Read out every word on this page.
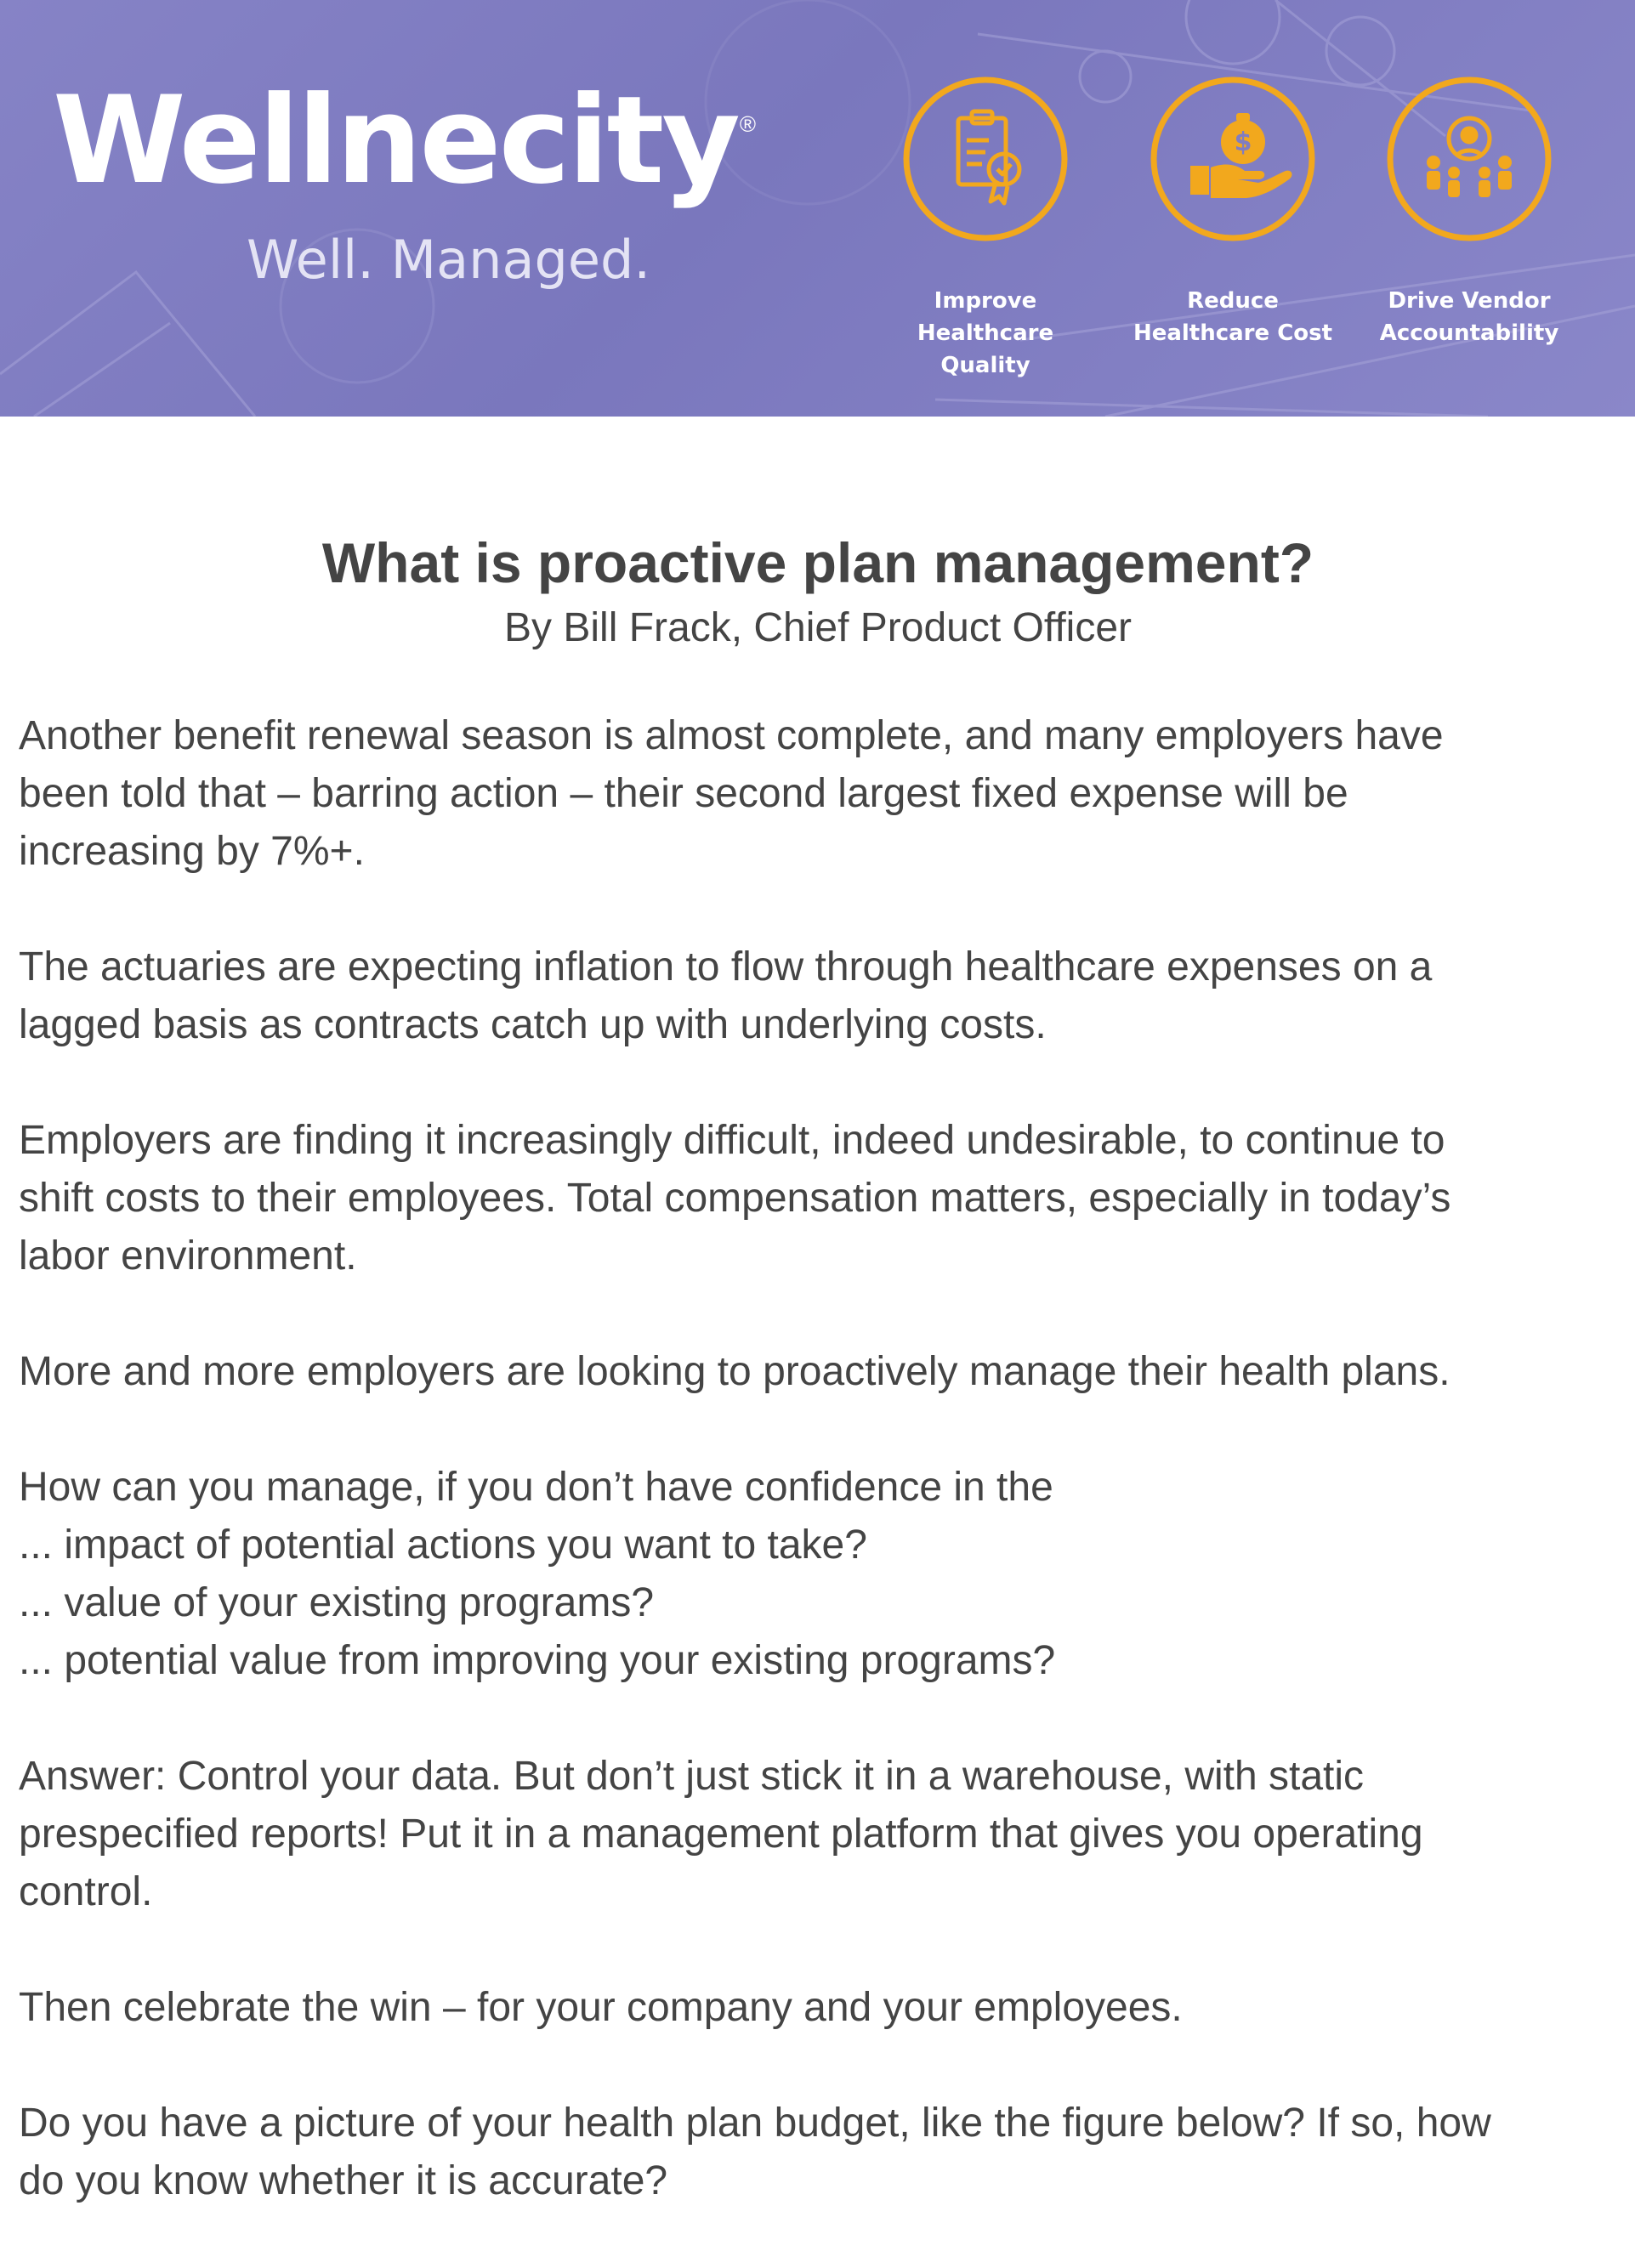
Wellnecity®
Well. Managed.
Improve
Healthcare Quality
$
Reduce
Healthcare Cost
Drive Vendor
Accountability
What is proactive plan management?
By Bill Frack, Chief Product Officer

Another benefit renewal season is almost complete, and many employers have
been told that – barring action – their second largest fixed expense will be
increasing by 7%+.

The actuaries are expecting inflation to flow through healthcare expenses on a
lagged basis as contracts catch up with underlying costs.

Employers are finding it increasingly difficult, indeed undesirable, to continue to
shift costs to their employees. Total compensation matters, especially in today’s
labor environment.

More and more employers are looking to proactively manage their health plans.

How can you manage, if you don’t have confidence in the
... impact of potential actions you want to take?
... value of your existing programs?
... potential value from improving your existing programs?

Answer: Control your data. But don’t just stick it in a warehouse, with static
prespecified reports! Put it in a management platform that gives you operating
control.

Then celebrate the win – for your company and your employees.

Do you have a picture of your health plan budget, like the figure below? If so, how
do you know whether it is accurate?
